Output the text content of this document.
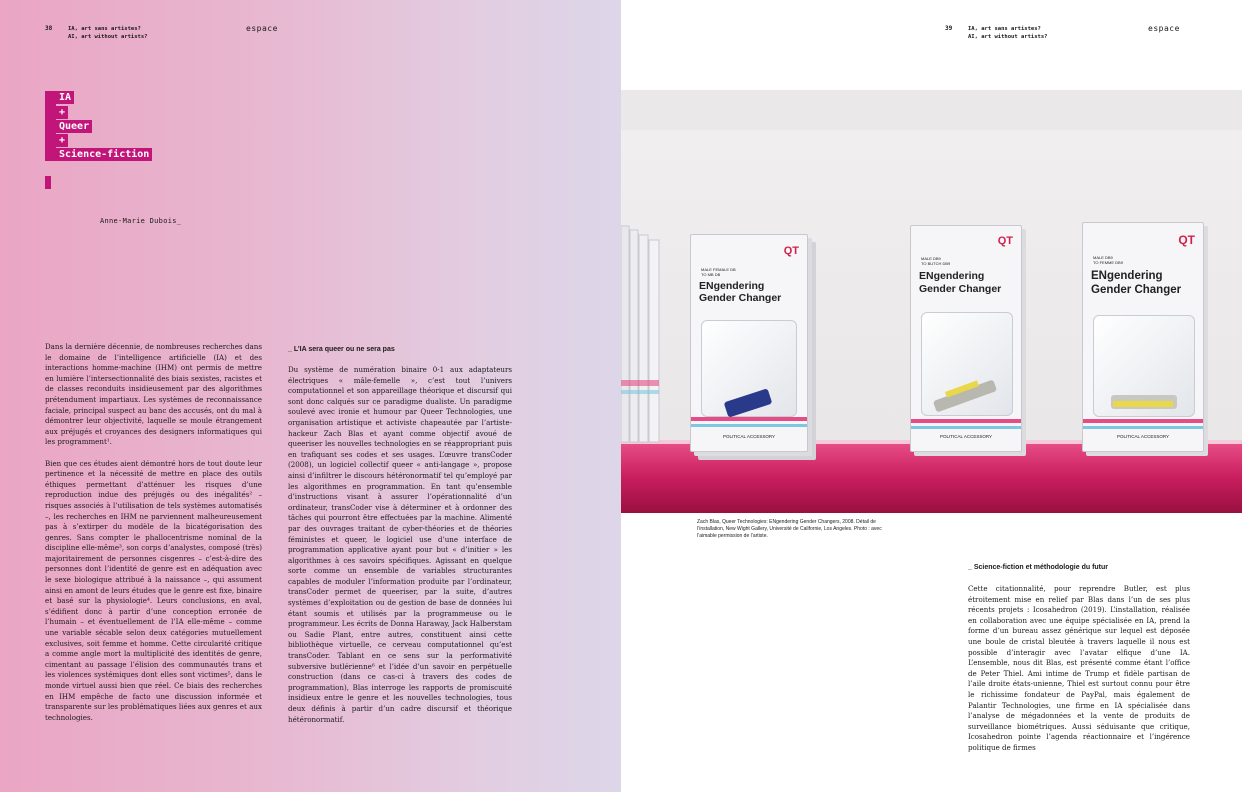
38	IA, art sans artistes?
AI, art without artists?
espace
IA
+
Queer
+
Science-fiction
Anne-Marie Dubois_

Dans la dernière décennie, de nombreuses recherches dans le domaine de l’intelligence artificielle (IA) et des interactions homme-machine (IHM) ont permis de mettre en lumière l’intersectionnalité des biais sexistes, racistes et de classes reconduits insidieusement par des algorithmes prétendument impartiaux. Les systèmes de reconnaissance faciale, principal suspect au banc des accusés, ont du mal à démontrer leur objectivité, laquelle se moule étrangement aux préjugés et croyances des designers informatiques qui les programment¹.

Bien que ces études aient démontré hors de tout doute leur pertinence et la nécessité de mettre en place des outils éthiques permettant d’atténuer les risques d’une reproduction indue des préjugés ou des inégalités² – risques associés à l’utilisation de tels systèmes automatisés –, les recherches en IHM ne parviennent malheureusement pas à s’extirper du modèle de la bicatégorisation des genres. Sans compter le phallocentrisme nominal de la discipline elle-même³, son corps d’analystes, composé (très) majoritairement de personnes cisgenres – c’est-à-dire des personnes dont l’identité de genre est en adéquation avec le sexe biologique attribué à la naissance –, qui assument ainsi en amont de leurs études que le genre est fixe, binaire et basé sur la physiologie⁴. Leurs conclusions, en aval, s’édifient donc à partir d’une conception erronée de l’humain – et éventuellement de l’IA elle-même – comme une variable sécable selon deux catégories mutuellement exclusives, soit femme et homme. Cette circularité critique a comme angle mort la multiplicité des identités de genre, cimentant au passage l’élision des communautés trans et les violences systémiques dont elles sont victimes⁵, dans le monde virtuel aussi bien que réel. Ce biais des recherches en IHM empêche de facto une discussion informée et transparente sur les problématiques liées aux genres et aux technologies.

_ L’IA sera queer ou ne sera pas

Du système de numération binaire 0-1 aux adaptateurs électriques « mâle-femelle », c’est tout l’univers computationnel et son appareillage théorique et discursif qui sont donc calqués sur ce paradigme dualiste. Un paradigme soulevé avec ironie et humour par Queer Technologies, une organisation artistique et activiste chapeautée par l’artiste-hackeur Zach Blas et ayant comme objectif avoué de queeriser les nouvelles technologies en se réappropriant puis en trafiquant ses codes et ses usages. L’œuvre transCoder (2008), un logiciel collectif queer « anti-langage », propose ainsi d’infiltrer le discours hétéronormatif tel qu’employé par les algorithmes en programmation. En tant qu’ensemble d’instructions visant à assurer l’opérationnalité d’un ordinateur, transCoder vise à déterminer et à ordonner des tâches qui pourront être effectuées par la machine. Alimenté par des ouvrages traitant de cyber-théories et de théories féministes et queer, le logiciel use d’une interface de programmation applicative ayant pour but « d’initier » les algorithmes à ces savoirs spécifiques. Agissant en quelque sorte comme un ensemble de variables structurantes capables de moduler l’information produite par l’ordinateur, transCoder permet de queeriser, par la suite, d’autres systèmes d’exploitation ou de gestion de base de données lui étant soumis et utilisés par la programmeuse ou le programmeur. Les écrits de Donna Haraway, Jack Halberstam ou Sadie Plant, entre autres, constituent ainsi cette bibliothèque virtuelle, ce cerveau computationnel qu’est transCoder. Tablant en ce sens sur la performativité subversive butlérienne⁶ et l’idée d’un savoir en perpétuelle construction (dans ce cas-ci à travers des codes de programmation), Blas interroge les rapports de promiscuité insidieux entre le genre et les nouvelles technologies, tous deux définis à partir d’un cadre discursif et théorique hétéronormatif.

39	IA, art sans artistes?
AI, art without artists?
espace
QT
MALE FEMALE DB
TO MB DB
ENgendering
Gender Changer
POLITICAL ACCESSORY
QT
MALE DB9
TO BUTCH DB9
ENgendering
Gender Changer
POLITICAL ACCESSORY
QT
MALE DB9
TO FEMME DB9
ENgendering
Gender Changer
POLITICAL ACCESSORY
Zach Blas, Queer Technologies: ENgendering Gender Changers, 2008. Détail de l’installation, New Wight Gallery, Université de Californie, Los Angeles. Photo : avec l’aimable permission de l’artiste.
_ Science-fiction et méthodologie du futur

Cette citationnalité, pour reprendre Butler, est plus étroitement mise en relief par Blas dans l’un de ses plus récents projets : Icosahedron (2019). L’installation, réalisée en collaboration avec une équipe spécialisée en IA, prend la forme d’un bureau assez générique sur lequel est déposée une boule de cristal bleutée à travers laquelle il nous est possible d’interagir avec l’avatar elfique d’une IA. L’ensemble, nous dit Blas, est présenté comme étant l’office de Peter Thiel. Ami intime de Trump et fidèle partisan de l’aile droite états-unienne, Thiel est surtout connu pour être le richissime fondateur de PayPal, mais également de Palantir Technologies, une firme en IA spécialisée dans l’analyse de mégadonnées et la vente de produits de surveillance biométriques. Aussi séduisante que critique, Icosahedron pointe l’agenda réactionnaire et l’ingérence politique de firmes
